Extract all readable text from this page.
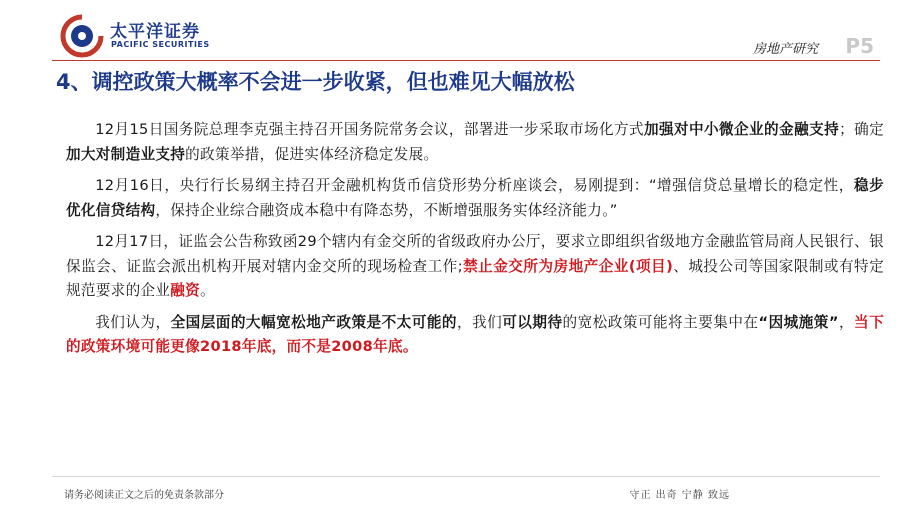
太平洋证券
PACIFIC SECURITIES	房地产研究 P5
4、调控政策大概率不会进一步收紧，但也难见大幅放松

12月15日国务院总理李克强主持召开国务院常务会议，部署进一步采取市场化方式加强对中小微企业的金融支持；确定加大对制造业支持的政策举措，促进实体经济稳定发展。

12月16日，央行行长易纲主持召开金融机构货币信贷形势分析座谈会，易刚提到：“增强信贷总量增长的稳定性，稳步优化信贷结构，保持企业综合融资成本稳中有降态势，不断增强服务实体经济能力。”

12月17日，证监会公告称致函29个辖内有金交所的省级政府办公厅，要求立即组织省级地方金融监管局商人民银行、银保监会、证监会派出机构开展对辖内金交所的现场检查工作;禁止金交所为房地产企业(项目)、城投公司等国家限制或有特定规范要求的企业融资。

我们认为，全国层面的大幅宽松地产政策是不太可能的，我们可以期待的宽松政策可能将主要集中在“因城施策”，当下的政策环境可能更像2018年底，而不是2008年底。

请务必阅读正文之后的免责条款部分	守正 出奇 宁静 致远
